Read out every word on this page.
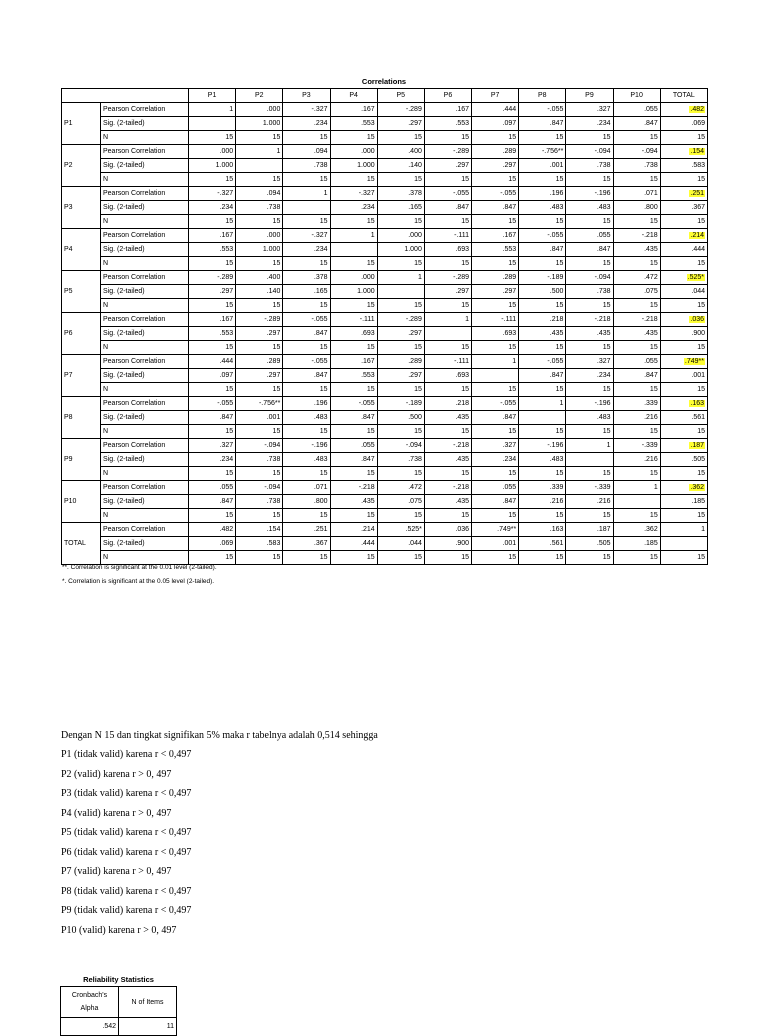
Correlations
		P1	P2	P3	P4	P5	P6	P7	P8	P9	P10	TOTAL
P1	Pearson Correlation	1	.000	-.327	.167	-.289	.167	.444	-.055	.327	.055	.482
	Sig. (2-tailed)		1.000	.234	.553	.297	.553	.097	.847	.234	.847	.069
	N	15	15	15	15	15	15	15	15	15	15	15
P2	Pearson Correlation	.000	1	.094	.000	.400	-.289	.289	-.756**	-.094	-.094	.154
	Sig. (2-tailed)	1.000		.738	1.000	.140	.297	.297	.001	.738	.738	.583
	N	15	15	15	15	15	15	15	15	15	15	15
P3	Pearson Correlation	-.327	.094	1	-.327	.378	-.055	-.055	.196	-.196	.071	.251
	Sig. (2-tailed)	.234	.738		.234	.165	.847	.847	.483	.483	.800	.367
	N	15	15	15	15	15	15	15	15	15	15	15
P4	Pearson Correlation	.167	.000	-.327	1	.000	-.111	.167	-.055	.055	-.218	.214
	Sig. (2-tailed)	.553	1.000	.234		1.000	.693	.553	.847	.847	.435	.444
	N	15	15	15	15	15	15	15	15	15	15	15
P5	Pearson Correlation	-.289	.400	.378	.000	1	-.289	.289	-.189	-.094	.472	.525*
	Sig. (2-tailed)	.297	.140	.165	1.000		.297	.297	.500	.738	.075	.044
	N	15	15	15	15	15	15	15	15	15	15	15
P6	Pearson Correlation	.167	-.289	-.055	-.111	-.289	1	-.111	.218	-.218	-.218	.036
	Sig. (2-tailed)	.553	.297	.847	.693	.297		.693	.435	.435	.435	.900
	N	15	15	15	15	15	15	15	15	15	15	15
P7	Pearson Correlation	.444	.289	-.055	.167	.289	-.111	1	-.055	.327	.055	.749**
	Sig. (2-tailed)	.097	.297	.847	.553	.297	.693		.847	.234	.847	.001
	N	15	15	15	15	15	15	15	15	15	15	15
P8	Pearson Correlation	-.055	-.756**	.196	-.055	-.189	.218	-.055	1	-.196	.339	.163
	Sig. (2-tailed)	.847	.001	.483	.847	.500	.435	.847		.483	.216	.561
	N	15	15	15	15	15	15	15	15	15	15	15
P9	Pearson Correlation	.327	-.094	-.196	.055	-.094	-.218	.327	-.196	1	-.339	.187
	Sig. (2-tailed)	.234	.738	.483	.847	.738	.435	.234	.483		.216	.505
	N	15	15	15	15	15	15	15	15	15	15	15
P10	Pearson Correlation	.055	-.094	.071	-.218	.472	-.218	.055	.339	-.339	1	.362
	Sig. (2-tailed)	.847	.738	.800	.435	.075	.435	.847	.216	.216		.185
	N	15	15	15	15	15	15	15	15	15	15	15
TOTAL	Pearson Correlation	.482	.154	.251	.214	.525*	.036	.749**	.163	.187	.362	1
	Sig. (2-tailed)	.069	.583	.367	.444	.044	.900	.001	.561	.505	.185	
	N	15	15	15	15	15	15	15	15	15	15	15
**. Correlation is significant at the 0.01 level (2-tailed).
*. Correlation is significant at the 0.05 level (2-tailed).
Dengan N 15 dan tingkat signifikan 5% maka r tabelnya adalah 0,514 sehingga
P1 (tidak valid) karena r < 0,497
P2 (valid) karena r > 0, 497
P3 (tidak valid) karena r < 0,497
P4 (valid) karena r > 0, 497
P5 (tidak valid) karena r < 0,497
P6 (tidak valid) karena r < 0,497
P7 (valid) karena r > 0, 497
P8 (tidak valid) karena r < 0,497
P9 (tidak valid) karena r < 0,497
P10 (valid) karena r > 0, 497
Reliability Statistics
Cronbach's Alpha	N of Items
.542	11
